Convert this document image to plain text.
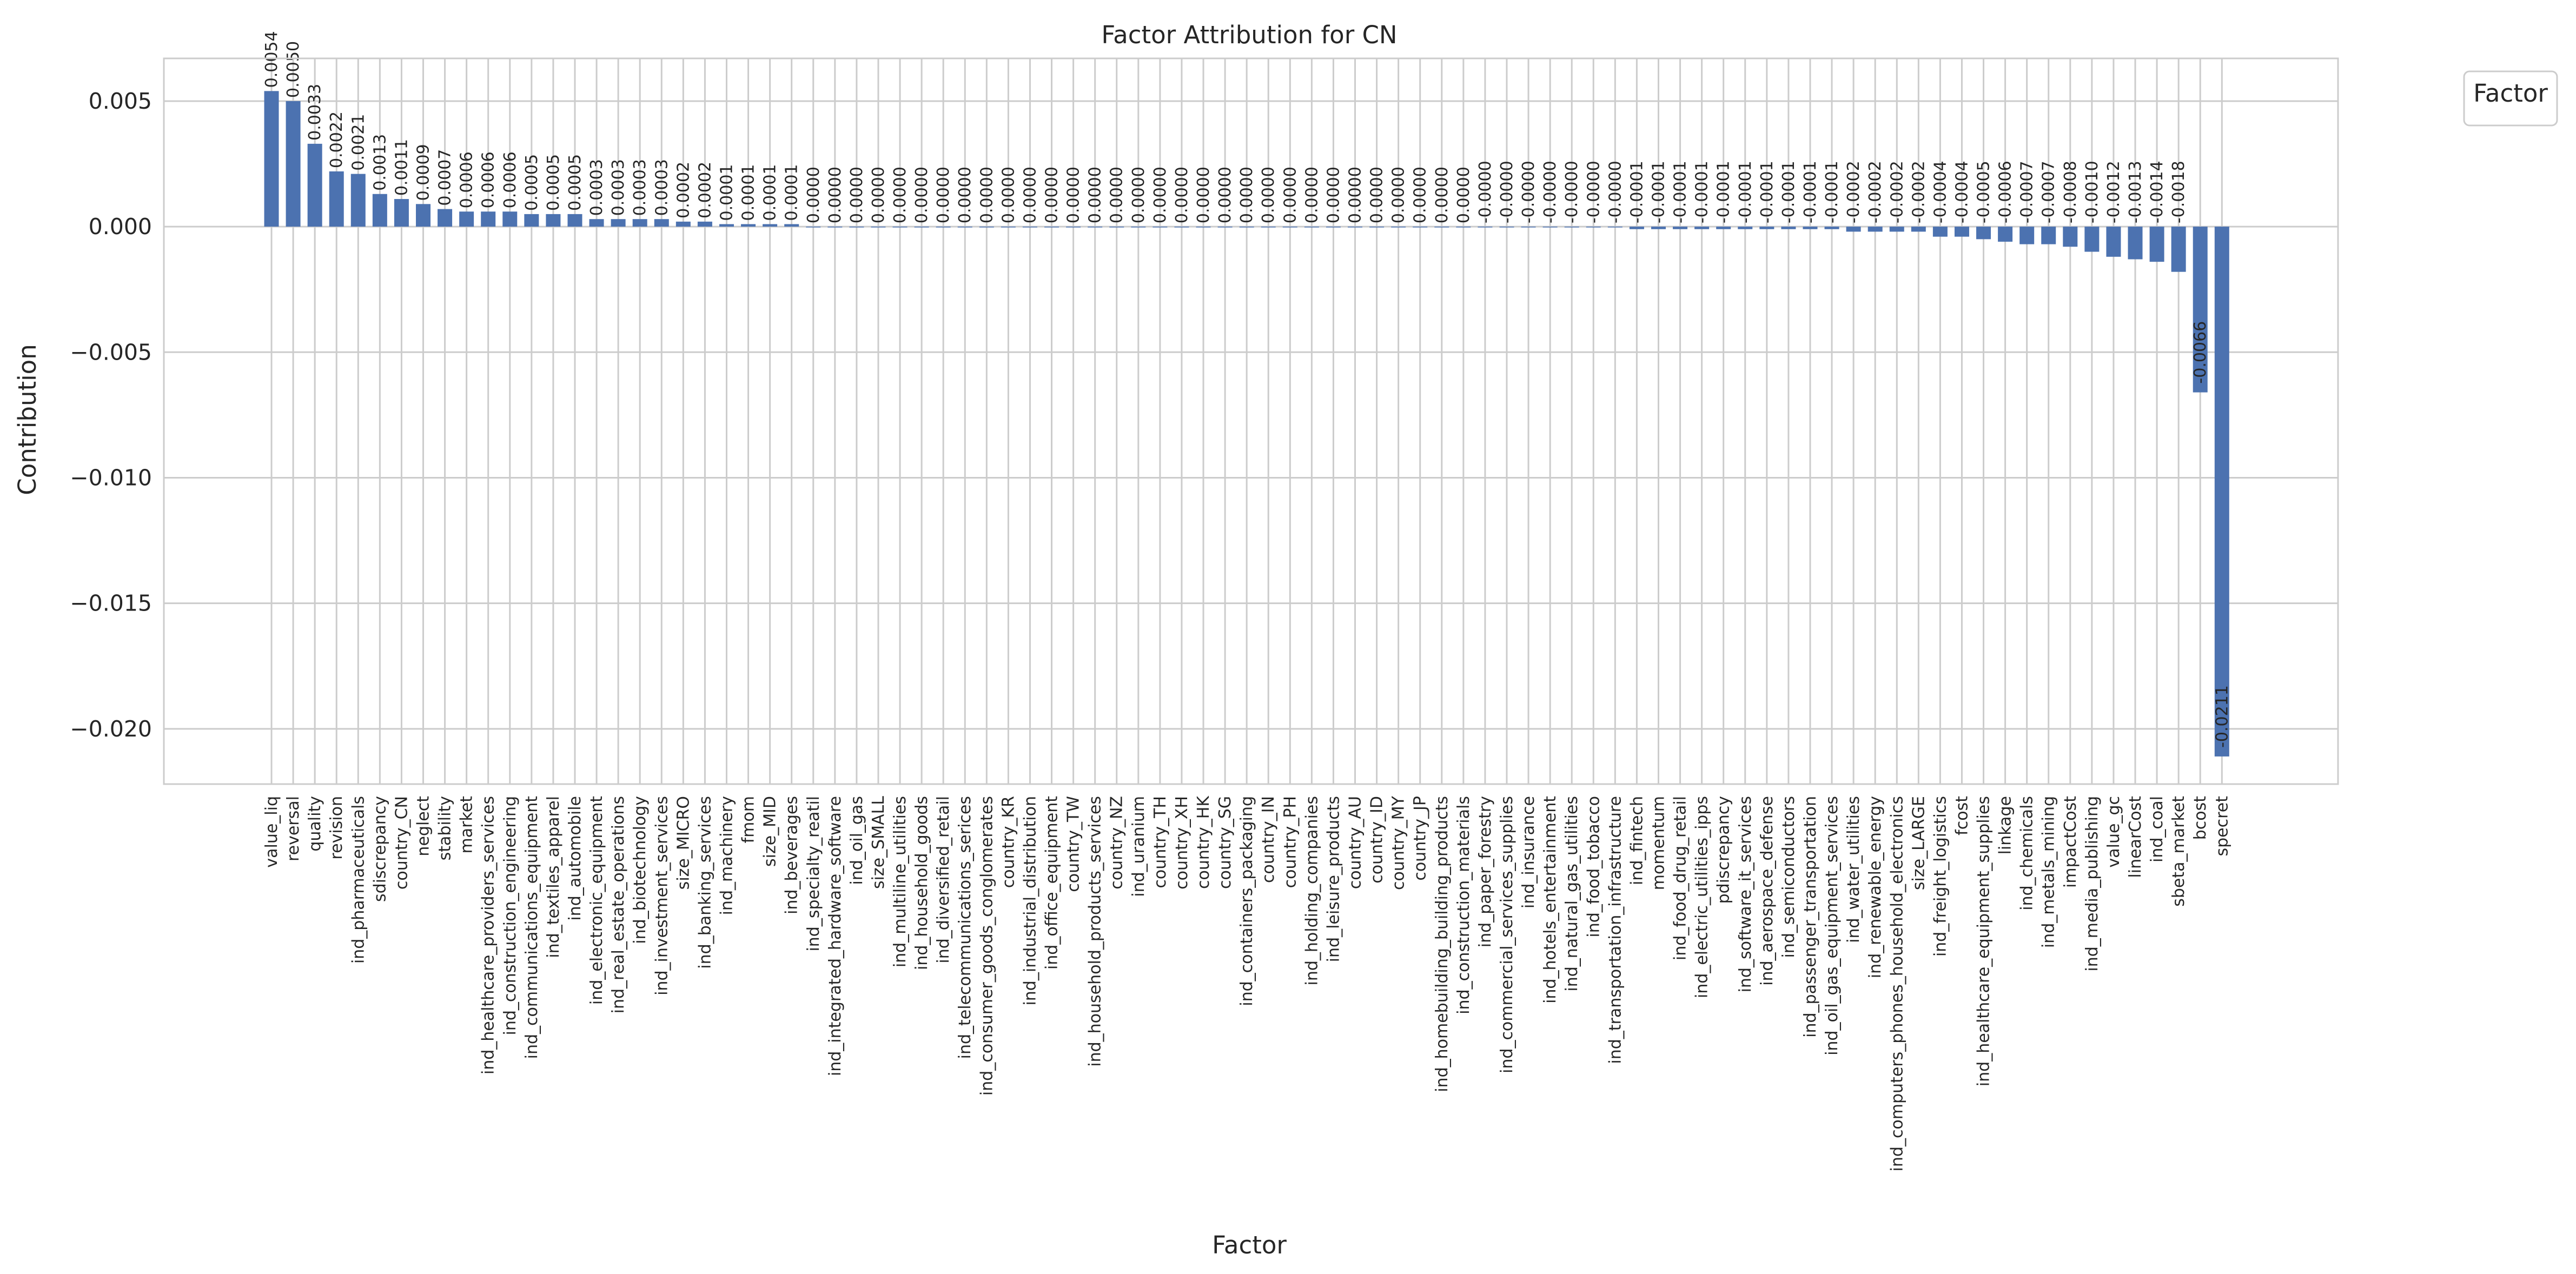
Factor Attribution for CN
0.0054 0.0050
0.0033 0.0022 0.0021 0.0013 0.0011 0.0009 0.0007 0.0006 0.0006 0.0006 0.0005 0.0005 0.0005 0.0003 0.0003 0.0003 0.0003 0.0002 0.0002 0.0001 0.0001 0.0001 0.0001 0.0000 0.0000 0.0000 0.0000 0.0000 0.0000 0.0000 0.0000 0.0000 0.0000 0.0000 0.0000 0.0000 0.0000 0.0000 0.0000 0.0000 0.0000 0.0000 0.0000 0.0000 0.0000 0.0000 0.0000 0.0000 0.0000 0.0000 0.0000 0.0000 0.0000 0.0000 -0.0000 -0.0000 -0.0000 -0.0000 -0.0000 -0.0000 -0.0000 -0.0001 -0.0001 -0.0001 -0.0001 -0.0001 -0.0001 -0.0001 -0.0001 -0.0001 -0.0001 -0.0002 -0.0002 -0.0002 -0.0002 -0.0004 -0.0004 -0.0005 -0.0006 -0.0007 -0.0007 -0.0008 -0.0010 -0.0012 -0.0013 -0.0014 -0.0018
-0.0066
-0.0211
0.005
0.000
−0.005
−0.010
−0.015
−0.020
value_liq reversal quality revision ind_pharmaceuticals sdiscrepancy country_CN neglect stability market ind_healthcare_providers_services ind_construction_engineering ind_communications_equipment ind_textiles_apparel ind_automobile ind_electronic_equipment ind_real_estate_operations ind_biotechnology ind_investment_services size_MICRO ind_banking_services ind_machinery fmom size_MID ind_beverages ind_specialty_reatil ind_integrated_hardware_software ind_oil_gas size_SMALL ind_multiline_utilities ind_household_goods ind_diversified_retail ind_telecommunications_serices ind_consumer_goods_conglomerates country_KR ind_industrial_distribution ind_office_equipment country_TW ind_household_products_services country_NZ ind_uranium country_TH country_XH country_HK country_SG ind_containers_packaging country_IN country_PH ind_holding_companies ind_leisure_products country_AU country_ID country_MY country_JP ind_homebuilding_building_products ind_construction_materials ind_paper_forestry ind_commercial_services_supplies ind_insurance ind_hotels_entertainment ind_natural_gas_utilities ind_food_tobacco ind_transportation_infrastructure ind_fintech momentum ind_food_drug_retail ind_electric_utilities_ipps pdiscrepancy ind_software_it_services ind_aerospace_defense ind_semiconductors ind_passenger_transportation ind_oil_gas_equipment_services ind_water_utilities ind_renewable_energy ind_computers_phones_household_electronics size_LARGE ind_freight_logistics fcost ind_healthcare_equipment_supplies linkage ind_chemicals ind_metals_mining impactCost ind_media_publishing value_gc linearCost ind_coal sbeta_market bcost specret
Contribution
Factor
Factor
